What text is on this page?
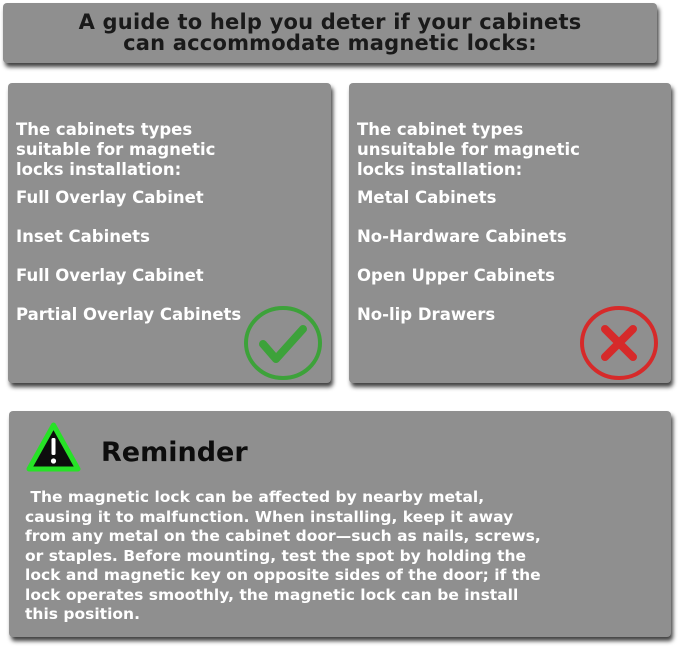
A guide to help you deter if your cabinets
can accommodate magnetic locks:
The cabinets types
suitable for magnetic
locks installation:
Full Overlay Cabinet
Inset Cabinets
Full Overlay Cabinet
Partial Overlay Cabinets
The cabinet types
unsuitable for magnetic
locks installation:
Metal Cabinets
No-Hardware Cabinets
Open Upper Cabinets
No-lip Drawers
Reminder
The magnetic lock can be affected by nearby metal,
causing it to malfunction. When installing, keep it away
from any metal on the cabinet door—such as nails, screws,
or staples. Before mounting, test the spot by holding the
lock and magnetic key on opposite sides of the door; if the
lock operates smoothly, the magnetic lock can be install
this position.
